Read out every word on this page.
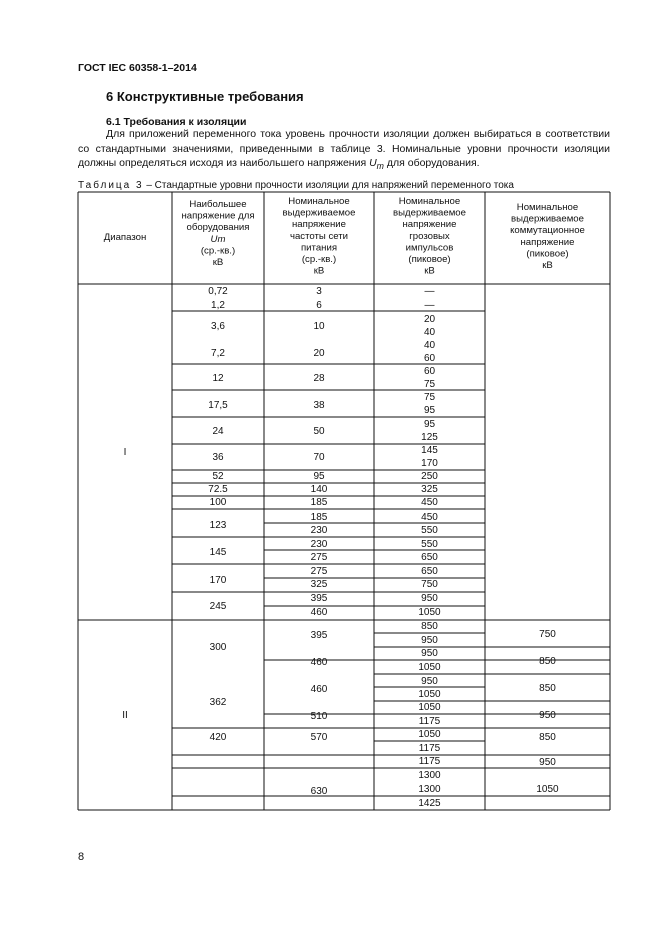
ГОСТ IEC 60358-1–2014
6 Конструктивные требования
6.1 Требования к изоляции

Для приложений переменного тока уровень прочности изоляции должен выбираться в соответствии со стандартными значениями, приведенными в таблице 3. Номинальные уровни прочности изоляции должны определяться исходя из наибольшего напряжения $U_m$ для оборудования.

Таблица 3 – Стандартные уровни прочности изоляции для напряжений переменного тока
Диапазон
Наибольшее
напряжение для
оборудования
Um
(ср.-кв.)
кВ
Номинальное
выдерживаемое
напряжение
частоты сети
питания
(ср.-кв.)
кВ
Номинальное
выдерживаемое
напряжение
грозовых
импульсов
(пиковое)
кВ
Номинальное
выдерживаемое
коммутационное
напряжение
(пиковое)
кВ
I
II
0,72
1,2
3,6
7,2
12
17,5
24
36
52
72.5
100
123
145
170
245
300
362
420
3
6
10
20
28
38
50
70
95
140
185
185
230
230
275
275
325
395
460
395
460
460
510
570
630
—
—
20
40
40
60
60
75
75
95
95
125
145
170
250
325
450
450
550
550
650
650
750
950
1050
850
950
950
1050
950
1050
1050
1175
1050
1175
1175
1300
1300
1425
750
850
850
950
850
950
1050
8
